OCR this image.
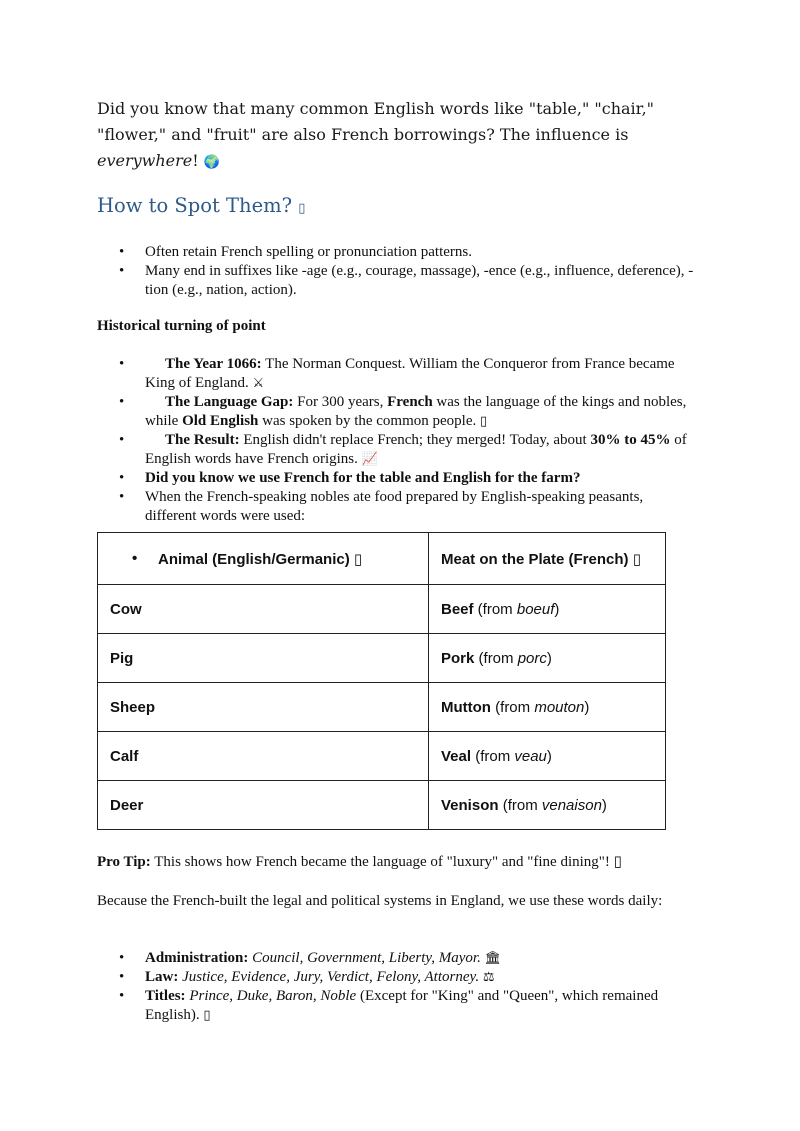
Did you know that many common English words like "table," "chair," "flower," and "fruit" are also French borrowings? The influence is everywhere! 🌍

How to Spot Them? ▯
• Often retain French spelling or pronunciation patterns.
• Many end in suffixes like -age (e.g., courage, massage), -ence (e.g., influence, deference), -tion (e.g., nation, action).
Historical turning of point
• The Year 1066: The Norman Conquest. William the Conqueror from France became King of England. ⚔
• The Language Gap: For 300 years, French was the language of the kings and nobles, while Old English was spoken by the common people. ▯
• The Result: English didn't replace French; they merged! Today, about 30% to 45% of English words have French origins. 📈
• Did you know we use French for the table and English for the farm?
• When the French-speaking nobles ate food prepared by English-speaking peasants, different words were used:
• Animal (English/Germanic) ▯	Meat on the Plate (French) ▯
Cow	Beef (from boeuf)
Pig	Pork (from porc)
Sheep	Mutton (from mouton)
Calf	Veal (from veau)
Deer	Venison (from venaison)

Pro Tip: This shows how French became the language of "luxury" and "fine dining"! ▯

Because the French-built the legal and political systems in England, we use these words daily:

• Administration: Council, Government, Liberty, Mayor. 🏛
• Law: Justice, Evidence, Jury, Verdict, Felony, Attorney. ⚖
• Titles: Prince, Duke, Baron, Noble (Except for "King" and "Queen", which remained English). ▯
